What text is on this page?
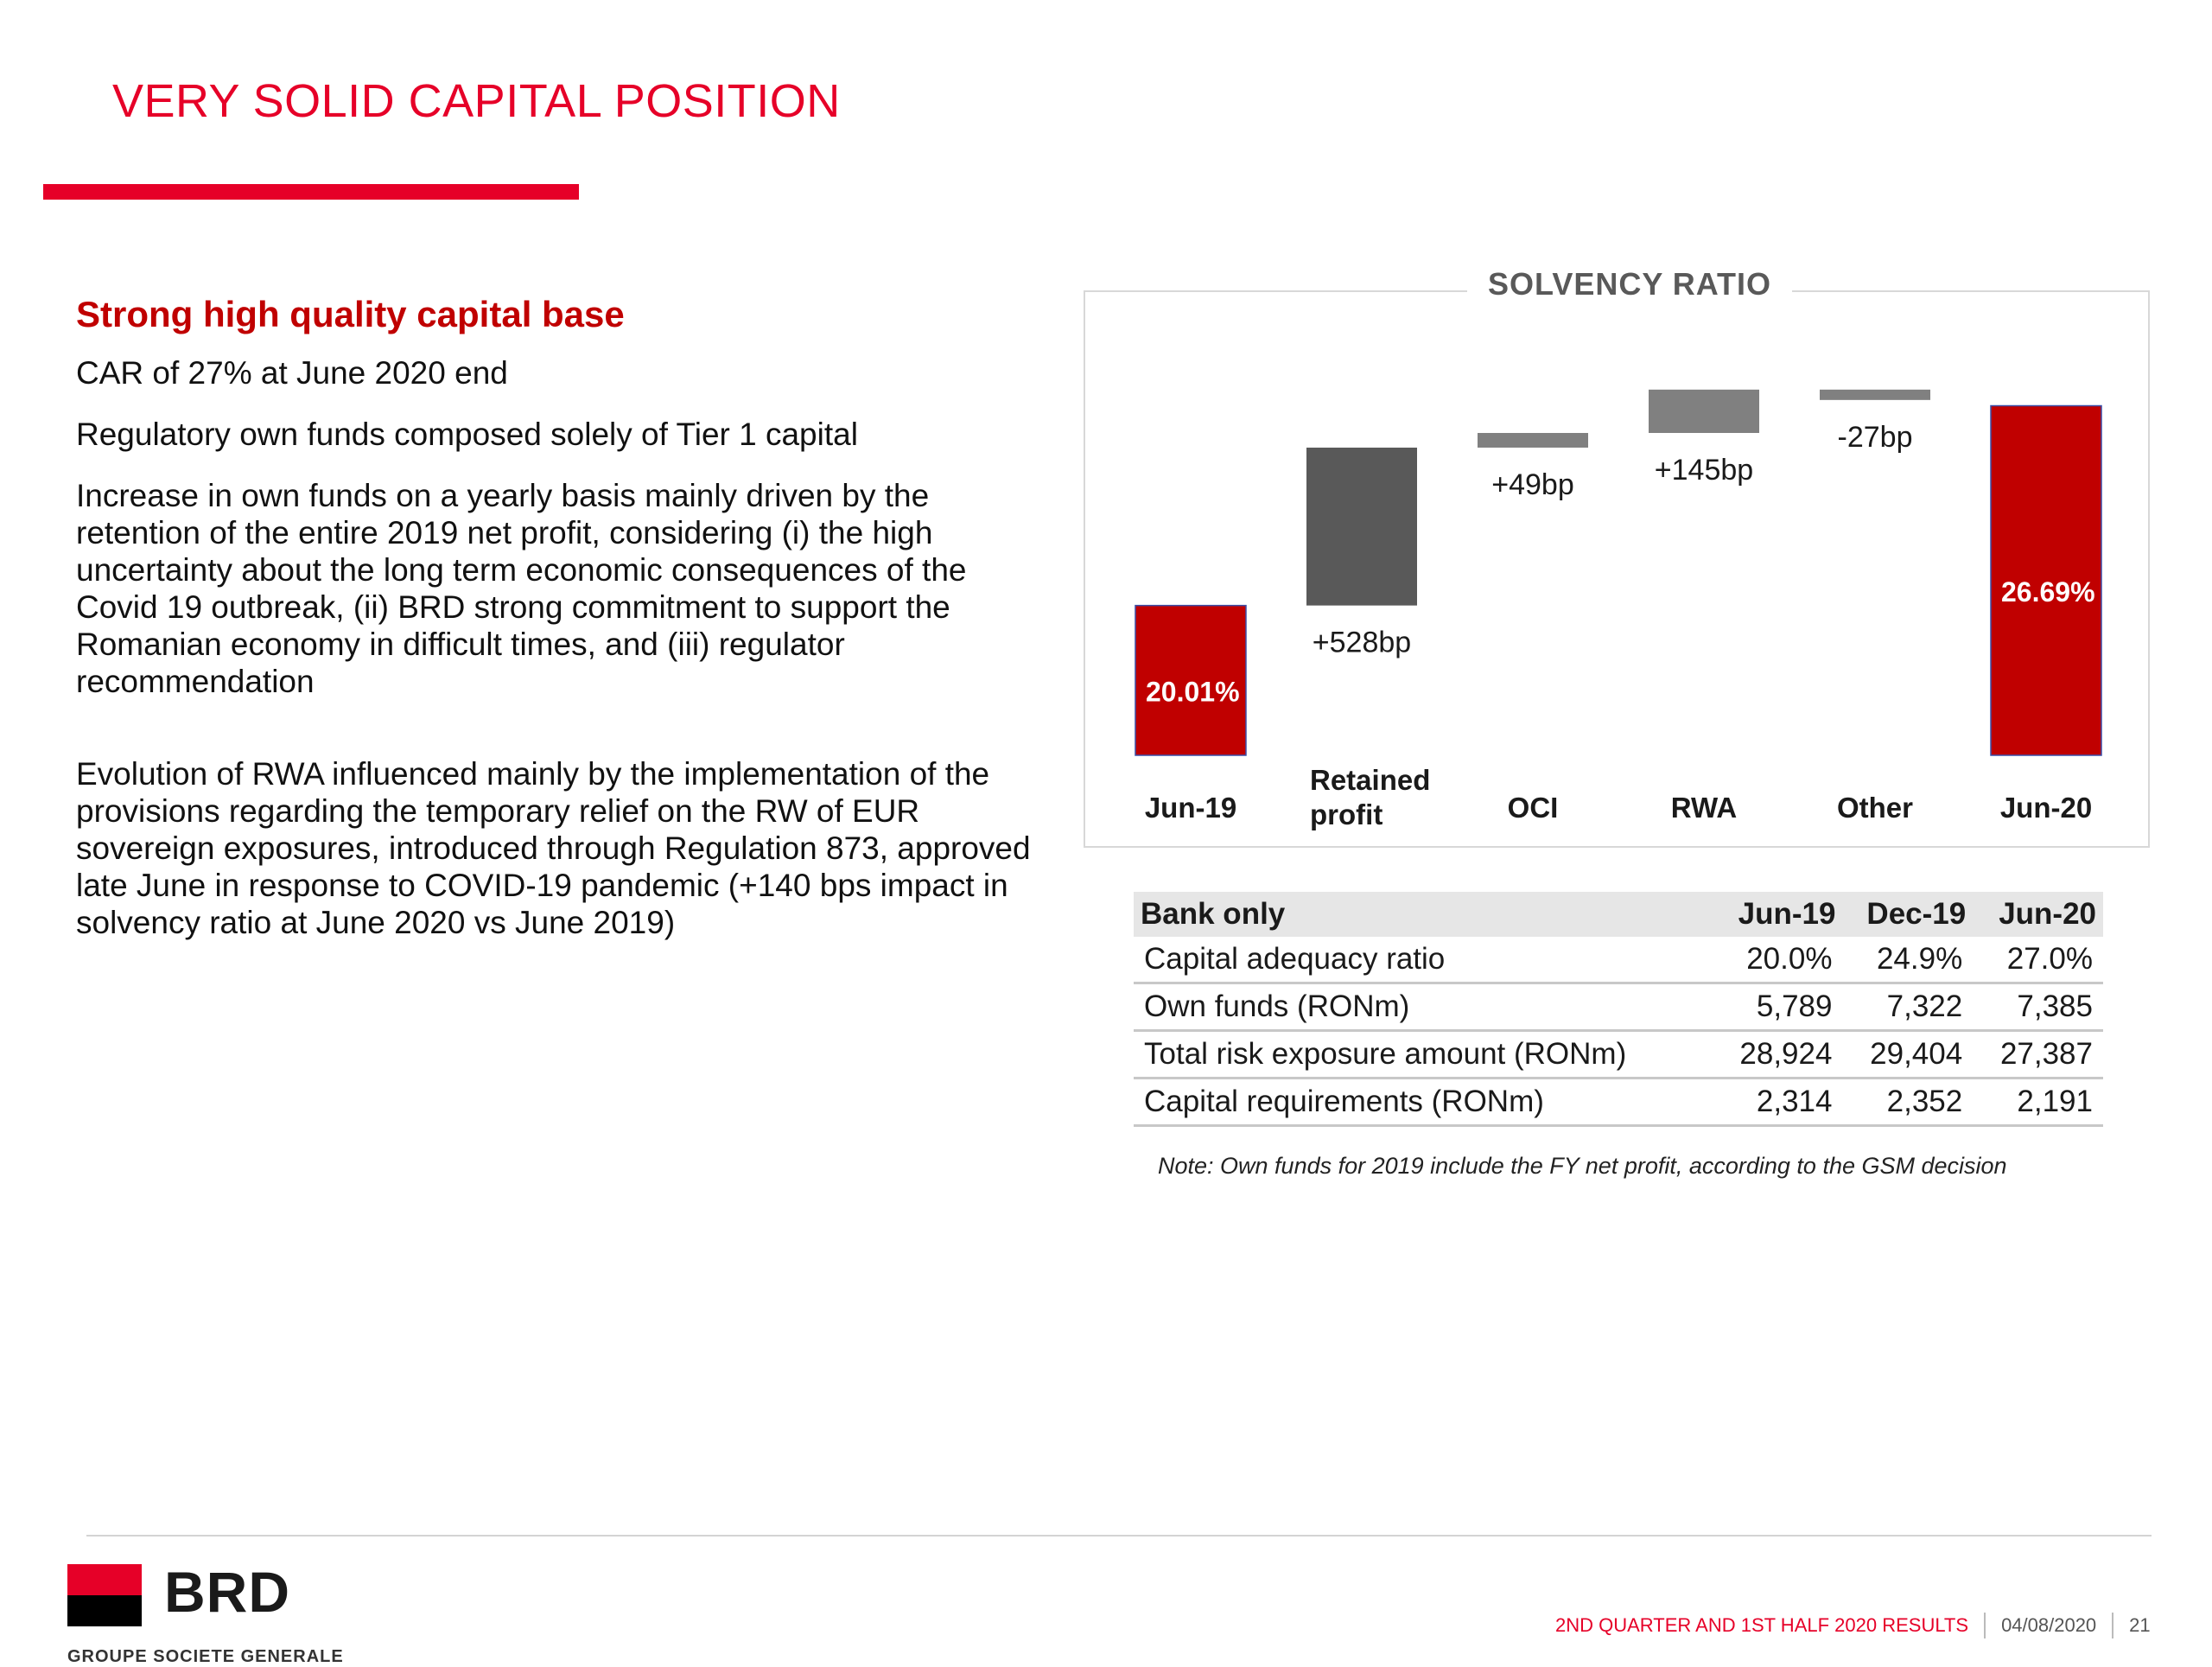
VERY SOLID CAPITAL POSITION
Strong high quality capital base

CAR of 27% at June 2020 end

Regulatory own funds composed solely of Tier 1 capital

Increase in own funds on a yearly basis mainly driven by the retention of the entire 2019 net profit, considering (i) the high uncertainty about the long term economic consequences of the Covid 19 outbreak, (ii) BRD strong commitment to support the Romanian economy in difficult times, and (iii) regulator recommendation

Evolution of RWA influenced mainly by the implementation of the provisions regarding the temporary relief on the RW of EUR sovereign exposures, introduced through Regulation 873, approved late June in response to COVID-19 pandemic (+140 bps impact in solvency ratio at June 2020 vs June 2019)

20.01%
Jun-19
+528bp
Retained
profit
+49bp
OCI
+145bp
RWA
-27bp
Other
26.69%
Jun-20
SOLVENCY RATIO
Bank only	Jun-19	Dec-19	Jun-20
Capital adequacy ratio	20.0%	24.9%	27.0%
Own funds (RONm)	5,789	7,322	7,385
Total risk exposure amount (RONm)	28,924	29,404	27,387
Capital requirements (RONm)	2,314	2,352	2,191
Note: Own funds for 2019 include the FY net profit, according to the GSM decision
BRD
GROUPE SOCIETE GENERALE
2ND QUARTER AND 1ST HALF 2020 RESULTS 04/08/2020 21
